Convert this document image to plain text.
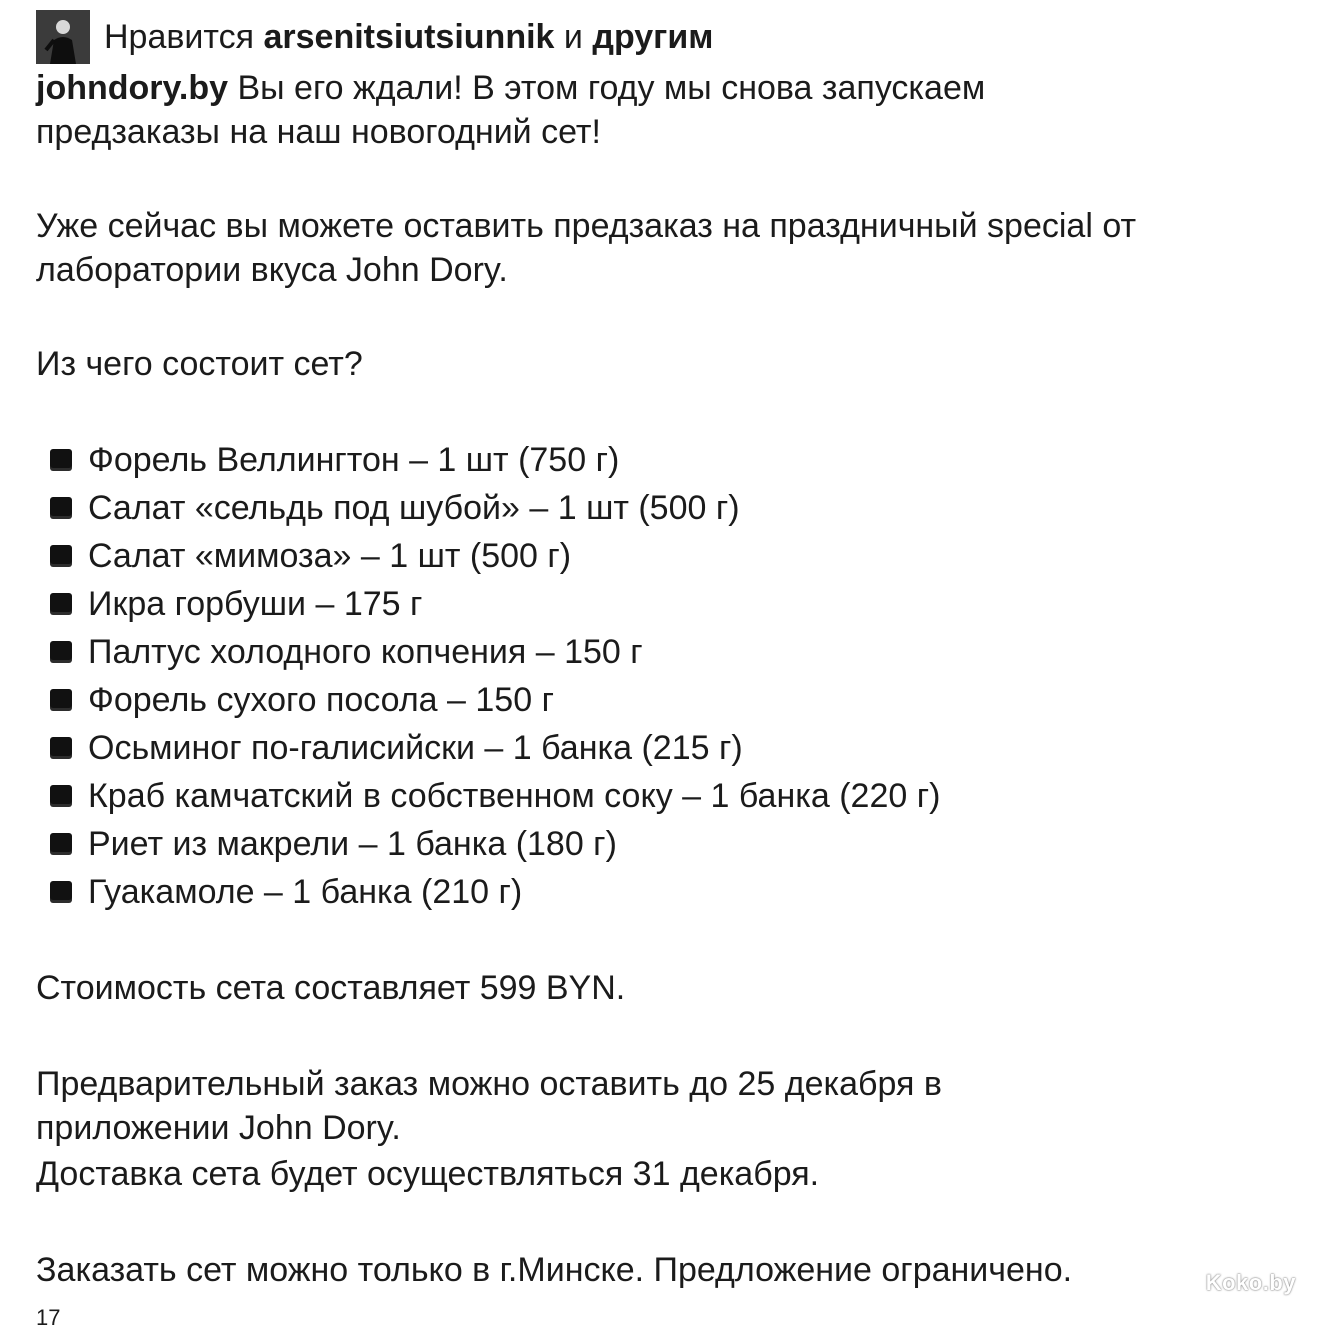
Нравится
arsenitsiutsiunnik
и
другим
johndory.by Вы его ждали! В этом году мы снова запускаем
предзаказы на наш новогодний сет!
Уже сейчас вы можете оставить предзаказ на праздничный special от
лаборатории вкуса John Dory.
Из чего состоит сет?
Форель Веллингтон – 1 шт (750 г)
Салат «сельдь под шубой» – 1 шт (500 г)
Салат «мимоза» – 1 шт (500 г)
Икра горбуши – 175 г
Палтус холодного копчения – 150 г
Форель сухого посола – 150 г
Осьминог по-галисийски – 1 банка (215 г)
Краб камчатский в собственном соку – 1 банка (220 г)
Риет из макрели – 1 банка (180 г)
Гуакамоле – 1 банка (210 г)
Стоимость сета составляет 599 BYN.
Предварительный заказ можно оставить до 25 декабря в
приложении John Dory.
Доставка сета будет осуществляться 31 декабря.
Заказать сет можно только в г.Минске. Предложение ограничено.
17
Koko.by
